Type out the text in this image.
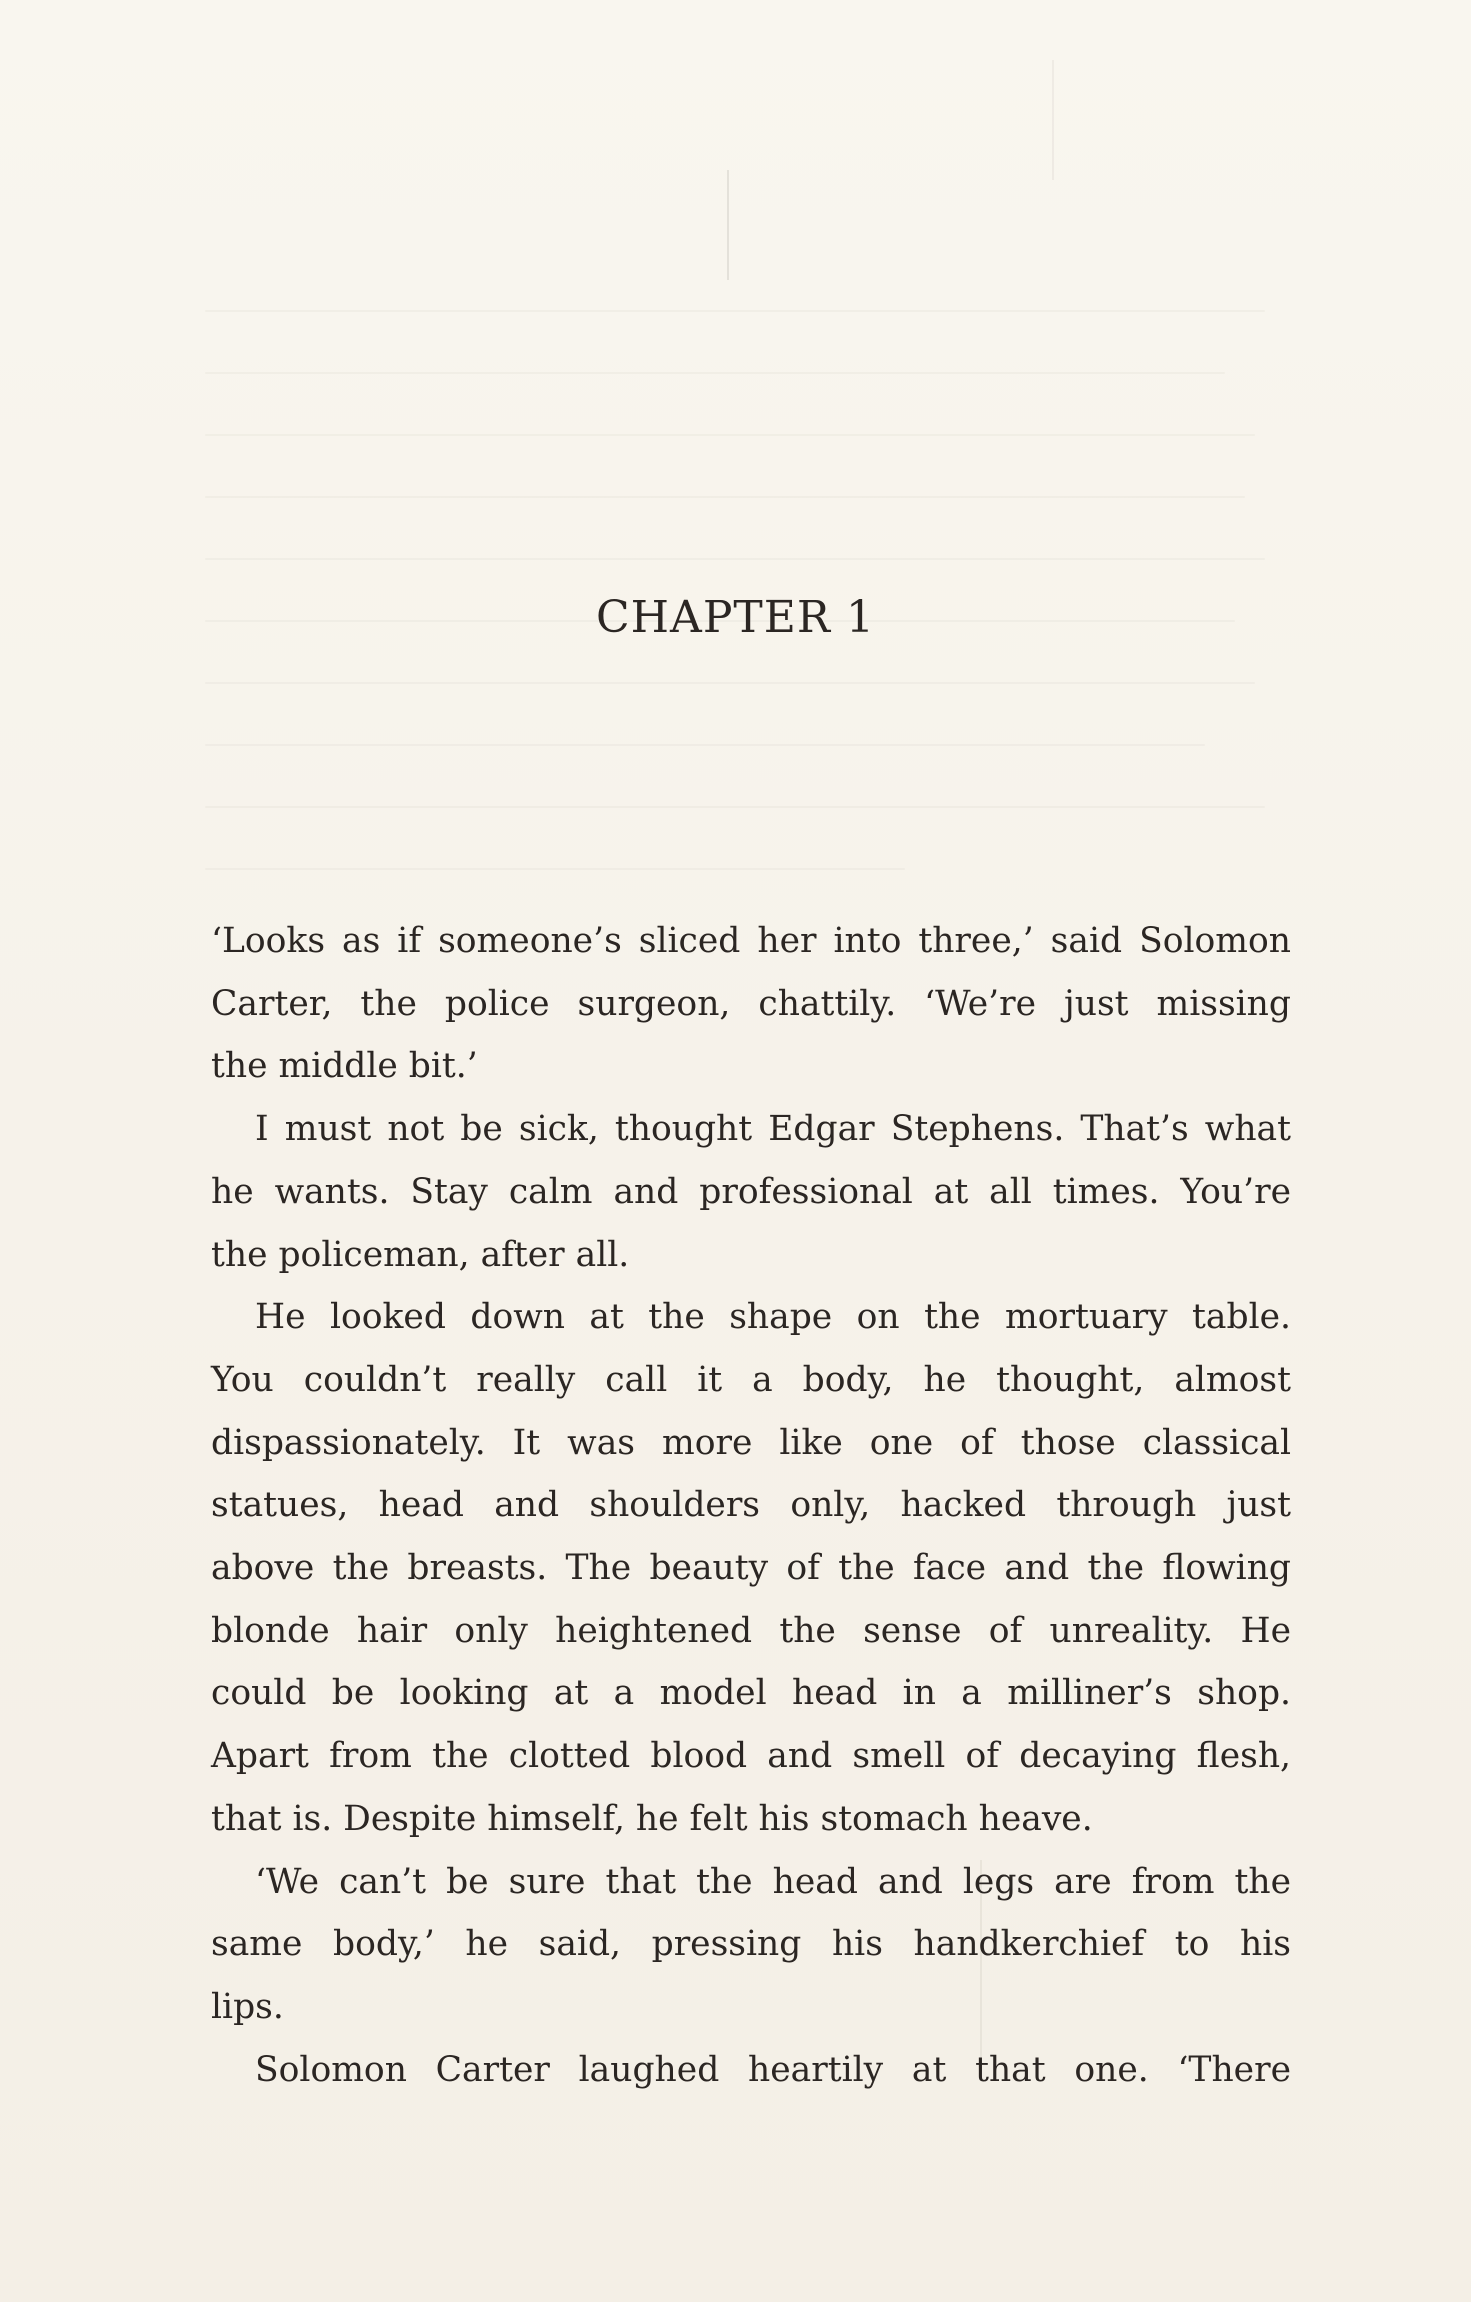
CHAPTER 1
‘Looks as if someone’s sliced her into three,’ said Solomon
Carter, the police surgeon, chattily. ‘We’re just missing
the middle bit.’
I must not be sick, thought Edgar Stephens. That’s what
he wants. Stay calm and professional at all times. You’re
the policeman, after all.
He looked down at the shape on the mortuary table.
You couldn’t really call it a body, he thought, almost
dispassionately. It was more like one of those classical
statues, head and shoulders only, hacked through just
above the breasts. The beauty of the face and the flowing
blonde hair only heightened the sense of unreality. He
could be looking at a model head in a milliner’s shop.
Apart from the clotted blood and smell of decaying flesh,
that is. Despite himself, he felt his stomach heave.
‘We can’t be sure that the head and legs are from the
same body,’ he said, pressing his handkerchief to his
lips.
Solomon Carter laughed heartily at that one. ‘There
